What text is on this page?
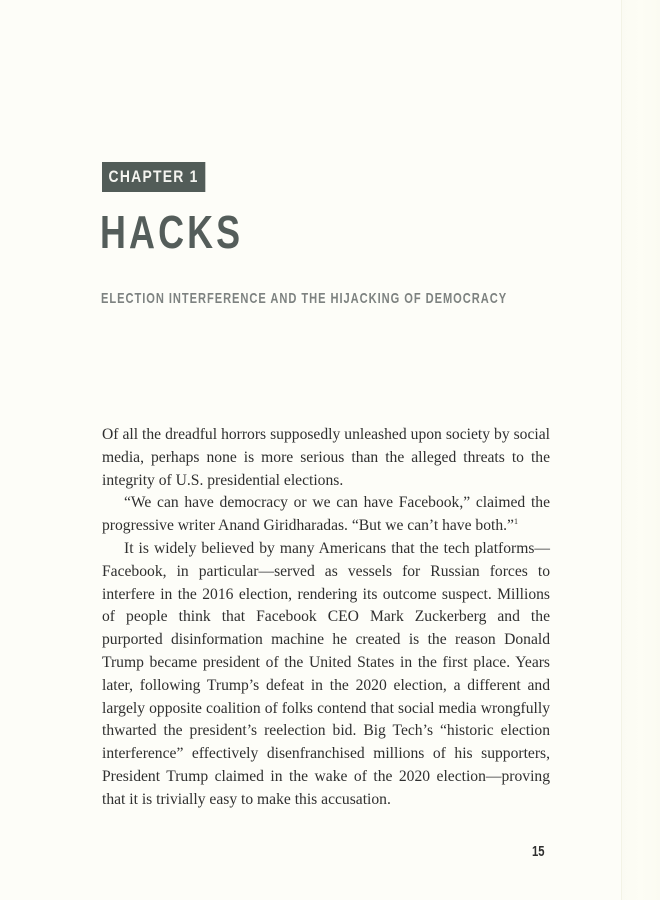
CHAPTER 1
HACKS
ELECTION INTERFERENCE AND THE HIJACKING OF DEMOCRACY

Of all the dreadful horrors supposedly unleashed upon society by social media, perhaps none is more serious than the alleged threats to the integrity of U.S. presidential elections.

“We can have democracy or we can have Facebook,” claimed the progressive writer Anand Giridharadas. “But we can’t have both.”$^1$

It is widely believed by many Americans that the tech platforms—Facebook, in particular—served as vessels for Russian forces to interfere in the 2016 election, rendering its outcome suspect. Millions of people think that Facebook CEO Mark Zuckerberg and the purported disinformation machine he created is the reason Donald Trump became president of the United States in the first place. Years later, following Trump’s defeat in the 2020 election, a different and largely opposite coalition of folks contend that social media wrongfully thwarted the president’s reelection bid. Big Tech’s “historic election interference” effectively disenfranchised millions of his supporters, President Trump claimed in the wake of the 2020 election—proving that it is trivially easy to make this accusation.

15
